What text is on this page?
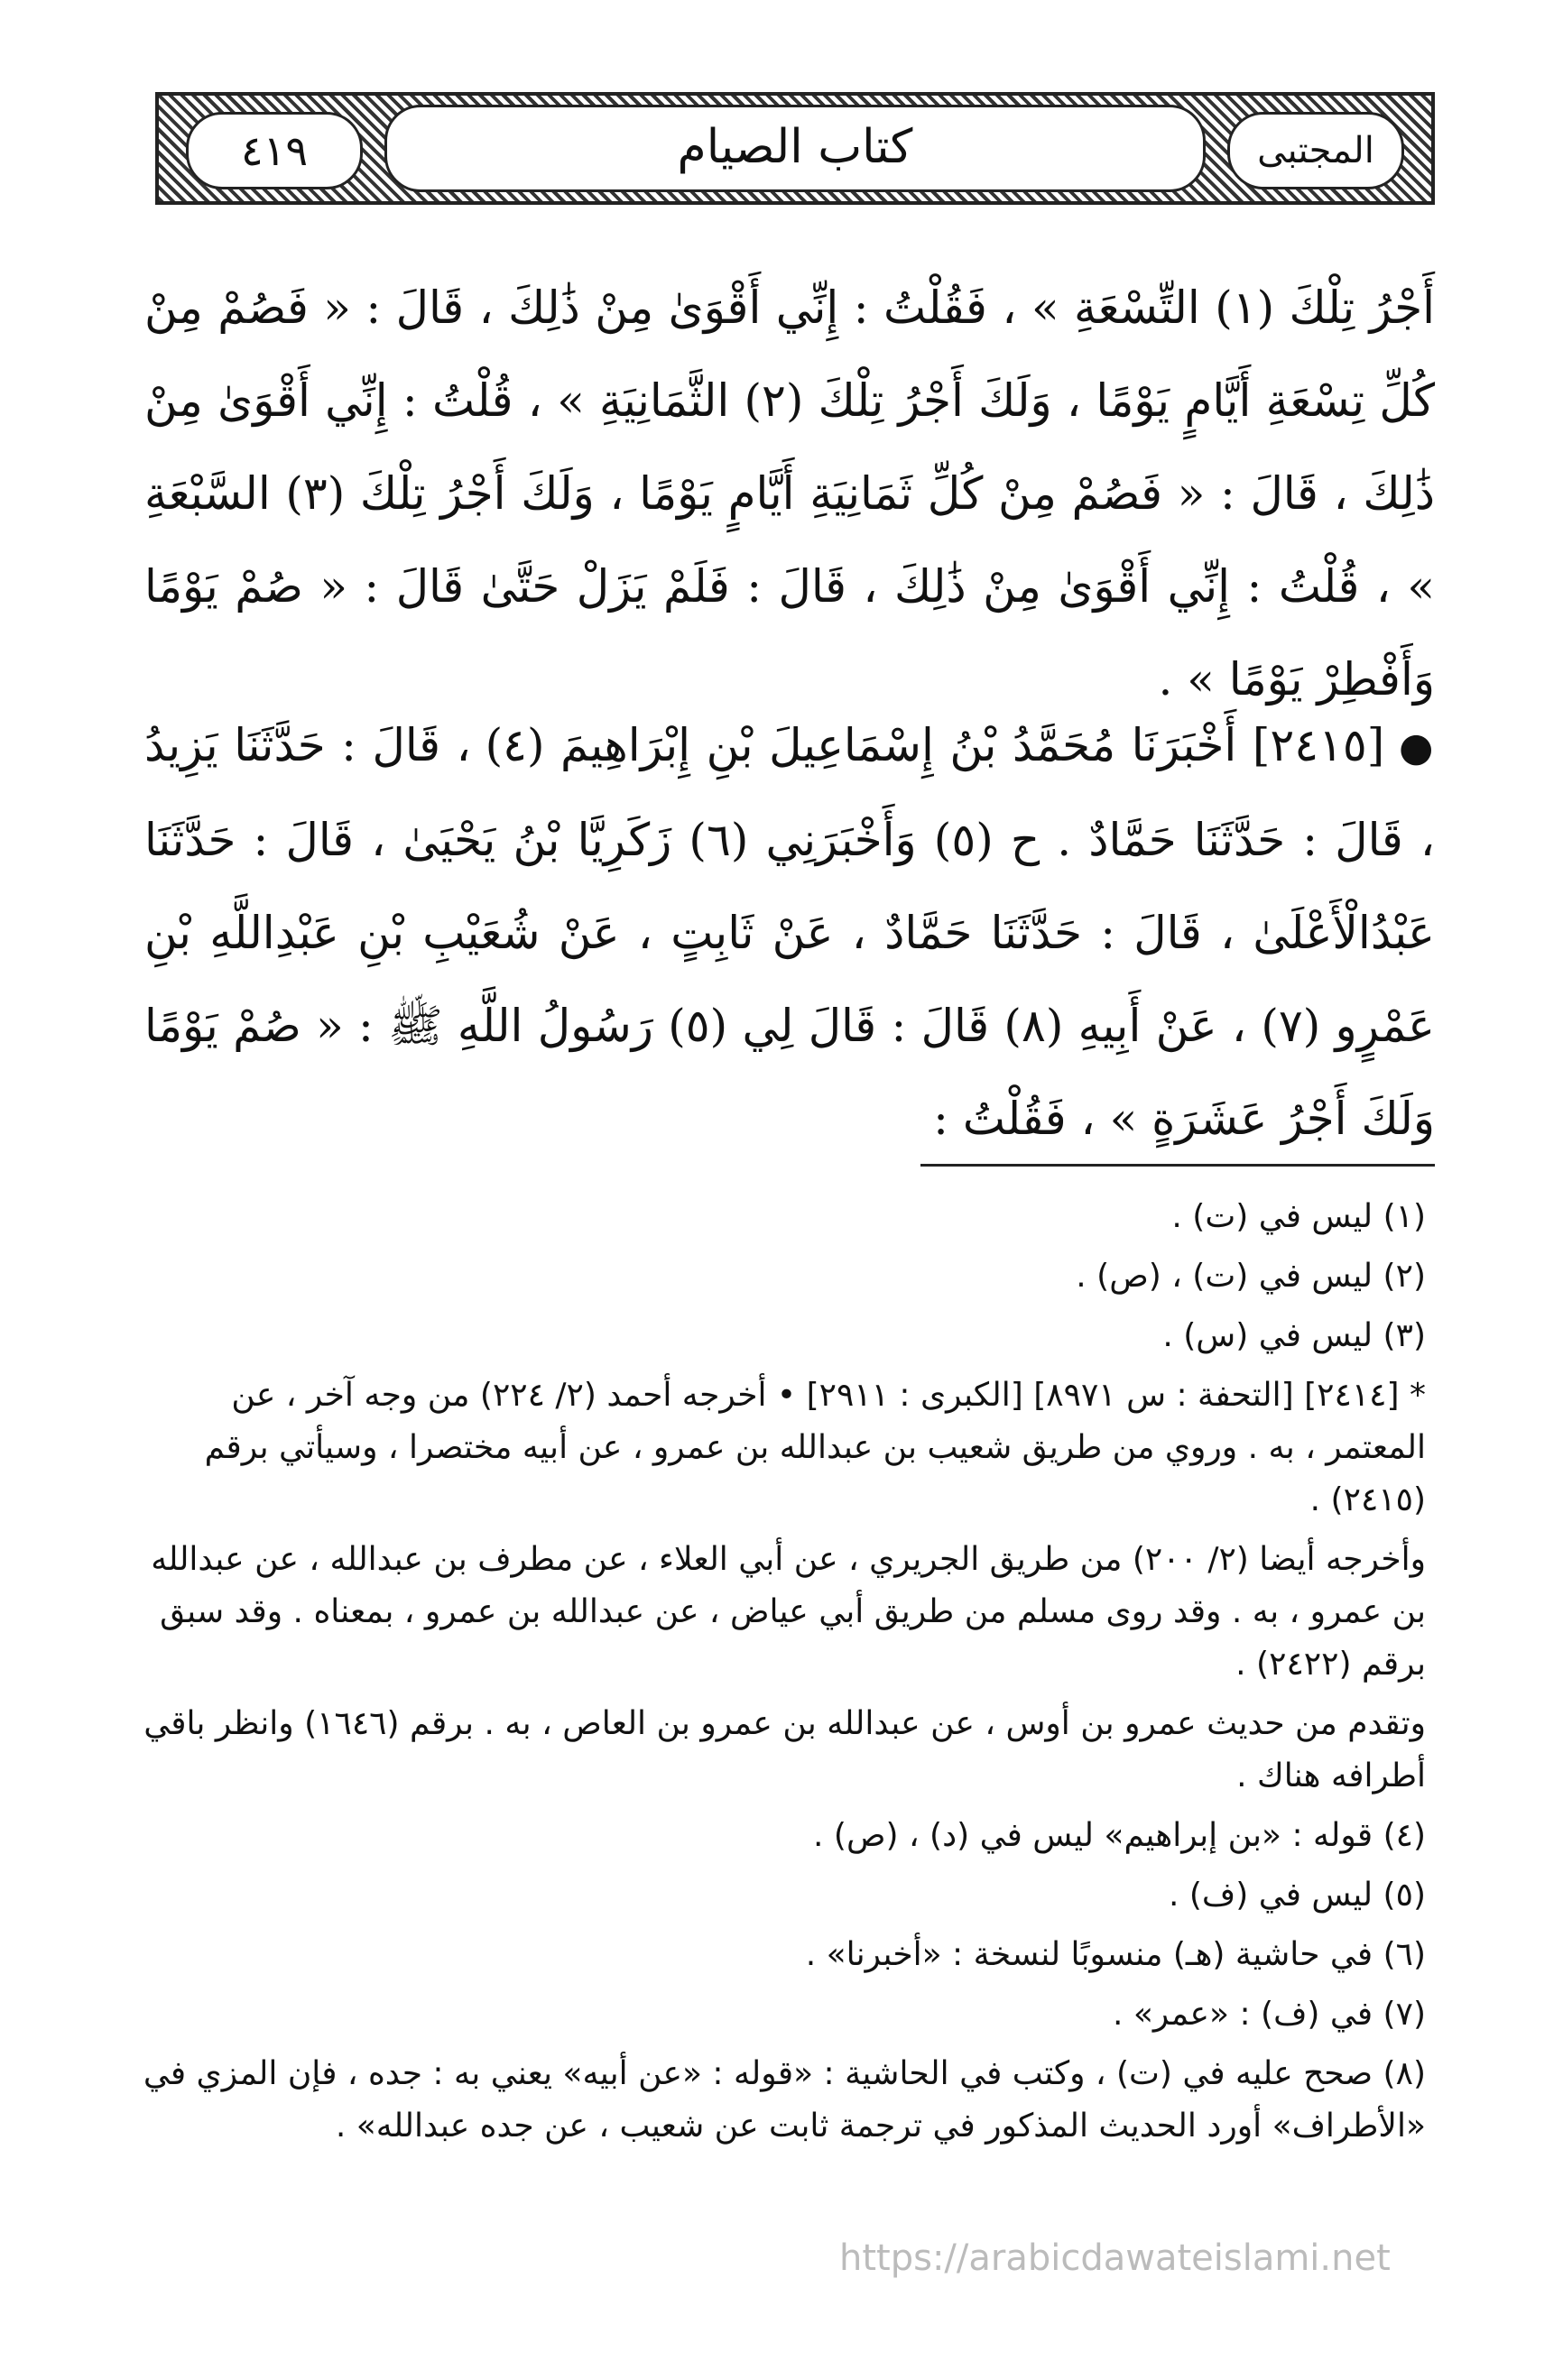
كتاب الصيام
٤١٩	المجتبى

أَجْرُ تِلْكَ (١) التِّسْعَةِ » ، فَقُلْتُ : إِنِّي أَقْوَىٰ مِنْ ذَٰلِكَ ، قَالَ : « فَصُمْ مِنْ كُلِّ تِسْعَةِ أَيَّامٍ يَوْمًا ، وَلَكَ أَجْرُ تِلْكَ (٢) الثَّمَانِيَةِ » ، قُلْتُ : إِنِّي أَقْوَىٰ مِنْ ذَٰلِكَ ، قَالَ : « فَصُمْ مِنْ كُلِّ ثَمَانِيَةِ أَيَّامٍ يَوْمًا ، وَلَكَ أَجْرُ تِلْكَ (٣) السَّبْعَةِ » ، قُلْتُ : إِنِّي أَقْوَىٰ مِنْ ذَٰلِكَ ، قَالَ : فَلَمْ يَزَلْ حَتَّىٰ قَالَ : « صُمْ يَوْمًا وَأَفْطِرْ يَوْمًا » .

● [٢٤١٥] أَخْبَرَنَا مُحَمَّدُ بْنُ إِسْمَاعِيلَ بْنِ إِبْرَاهِيمَ (٤) ، قَالَ : حَدَّثَنَا يَزِيدُ ، قَالَ : حَدَّثَنَا حَمَّادٌ . ح (٥) وَأَخْبَرَنِي (٦) زَكَرِيَّا بْنُ يَحْيَىٰ ، قَالَ : حَدَّثَنَا عَبْدُالْأَعْلَىٰ ، قَالَ : حَدَّثَنَا حَمَّادٌ ، عَنْ ثَابِتٍ ، عَنْ شُعَيْبِ بْنِ عَبْدِاللَّهِ بْنِ عَمْرٍو (٧) ، عَنْ أَبِيهِ (٨) قَالَ : قَالَ لِي (٥) رَسُولُ اللَّهِ ﷺ : « صُمْ يَوْمًا وَلَكَ أَجْرُ عَشَرَةٍ » ، فَقُلْتُ :

(١) ليس في (ت) .

(٢) ليس في (ت) ، (ص) .

(٣) ليس في (س) .

* [٢٤١٤] [التحفة : س ٨٩٧١] [الكبرى : ٢٩١١] • أخرجه أحمد (٢/ ٢٢٤) من وجه آخر ، عن المعتمر ، به . وروي من طريق شعيب بن عبدالله بن عمرو ، عن أبيه مختصرا ، وسيأتي برقم (٢٤١٥) .

وأخرجه أيضا (٢/ ٢٠٠) من طريق الجريري ، عن أبي العلاء ، عن مطرف بن عبدالله ، عن عبدالله بن عمرو ، به . وقد روى مسلم من طريق أبي عياض ، عن عبدالله بن عمرو ، بمعناه . وقد سبق برقم (٢٤٢٢) .

وتقدم من حديث عمرو بن أوس ، عن عبدالله بن عمرو بن العاص ، به . برقم (١٦٤٦) وانظر باقي أطرافه هناك .

(٤) قوله : «بن إبراهيم» ليس في (د) ، (ص) .

(٥) ليس في (ف) .

(٦) في حاشية (هـ) منسوبًا لنسخة : «أخبرنا» .

(٧) في (ف) : «عمر» .

(٨) صحح عليه في (ت) ، وكتب في الحاشية : «قوله : «عن أبيه» يعني به : جده ، فإن المزي في «الأطراف» أورد الحديث المذكور في ترجمة ثابت عن شعيب ، عن جده عبدالله» .

https://arabicdawateislami.net
